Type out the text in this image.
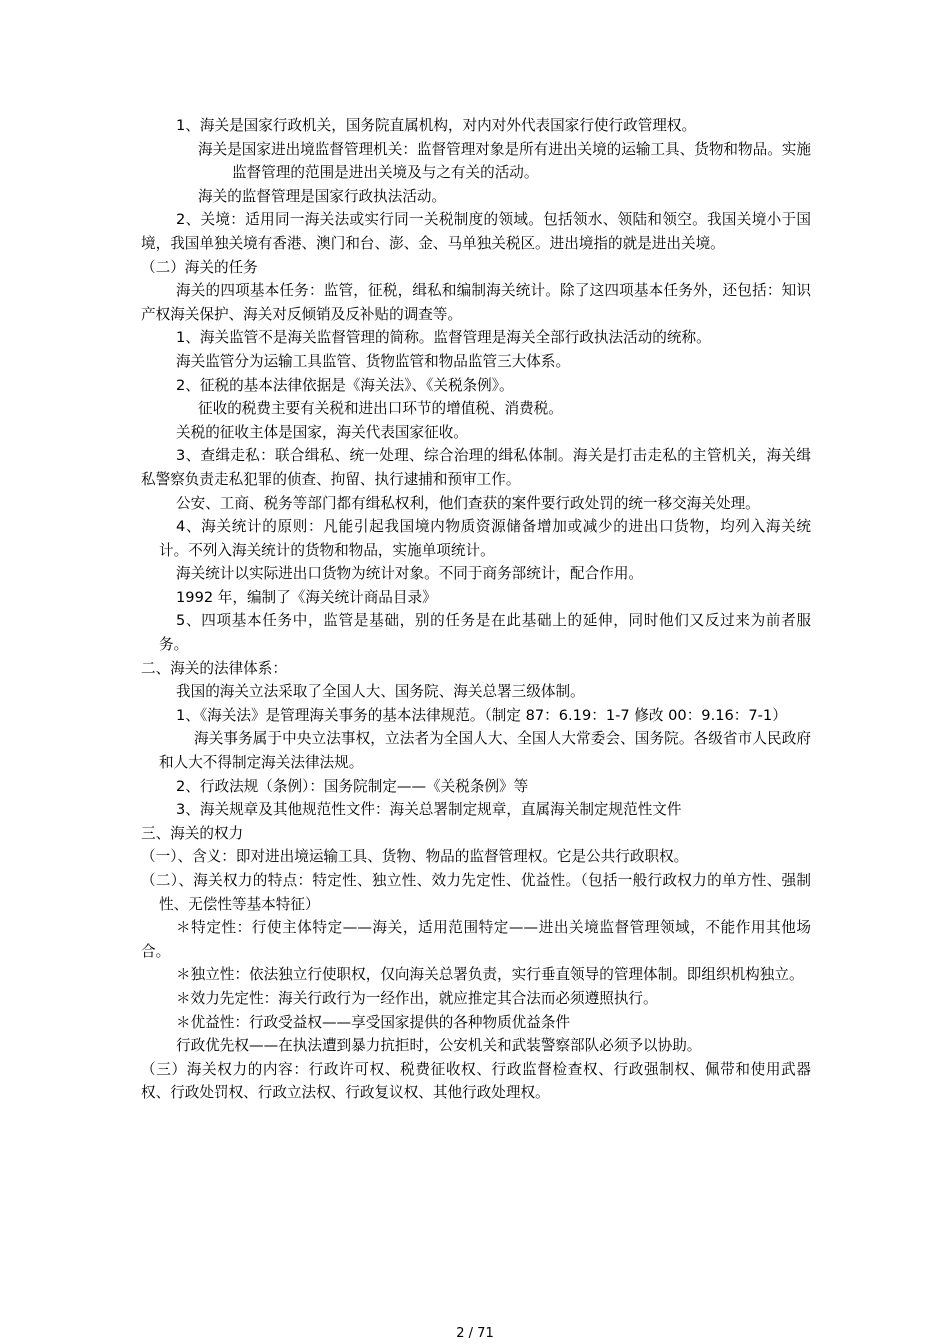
1、海关是国家行政机关，国务院直属机构，对内对外代表国家行使行政管理权。

海关是国家进出境监督管理机关：监督管理对象是所有进出关境的运输工具、货物和物品。实施监督管理的范围是进出关境及与之有关的活动。

海关的监督管理是国家行政执法活动。

2、关境：适用同一海关法或实行同一关税制度的领域。包括领水、领陆和领空。我国关境小于国境，我国单独关境有香港、澳门和台、澎、金、马单独关税区。进出境指的就是进出关境。

（二）海关的任务

海关的四项基本任务：监管，征税，缉私和编制海关统计。除了这四项基本任务外，还包括：知识产权海关保护、海关对反倾销及反补贴的调查等。

1、海关监管不是海关监督管理的简称。监督管理是海关全部行政执法活动的统称。

海关监管分为运输工具监管、货物监管和物品监管三大体系。

2、征税的基本法律依据是《海关法》、《关税条例》。

征收的税费主要有关税和进出口环节的增值税、消费税。

关税的征收主体是国家，海关代表国家征收。

3、查缉走私：联合缉私、统一处理、综合治理的缉私体制。海关是打击走私的主管机关，海关缉私警察负责走私犯罪的侦查、拘留、执行逮捕和预审工作。

公安、工商、税务等部门都有缉私权利，他们查获的案件要行政处罚的统一移交海关处理。

4、海关统计的原则：凡能引起我国境内物质资源储备增加或减少的进出口货物，均列入海关统计。不列入海关统计的货物和物品，实施单项统计。

海关统计以实际进出口货物为统计对象。不同于商务部统计，配合作用。

1992 年，编制了《海关统计商品目录》

5、四项基本任务中，监管是基础，别的任务是在此基础上的延伸，同时他们又反过来为前者服务。

二、海关的法律体系：

我国的海关立法采取了全国人大、国务院、海关总署三级体制。

1、《海关法》是管理海关事务的基本法律规范。（制定 87：6.19：1-7 修改 00：9.16：7-1）

海关事务属于中央立法事权，立法者为全国人大、全国人大常委会、国务院。各级省市人民政府和人大不得制定海关法律法规。

2、行政法规（条例）：国务院制定——《关税条例》等

3、海关规章及其他规范性文件：海关总署制定规章，直属海关制定规范性文件

三、海关的权力

（一）、含义：即对进出境运输工具、货物、物品的监督管理权。它是公共行政职权。

（二）、海关权力的特点：特定性、独立性、效力先定性、优益性。（包括一般行政权力的单方性、强制性、无偿性等基本特征）

＊特定性：行使主体特定——海关，适用范围特定——进出关境监督管理领域，不能作用其他场合。

＊独立性：依法独立行使职权，仅向海关总署负责，实行垂直领导的管理体制。即组织机构独立。

＊效力先定性：海关行政行为一经作出，就应推定其合法而必须遵照执行。

＊优益性：行政受益权——享受国家提供的各种物质优益条件

行政优先权——在执法遭到暴力抗拒时，公安机关和武装警察部队必须予以协助。

（三）海关权力的内容：行政许可权、税费征收权、行政监督检查权、行政强制权、佩带和使用武器权、行政处罚权、行政立法权、行政复议权、其他行政处理权。

2 / 71
